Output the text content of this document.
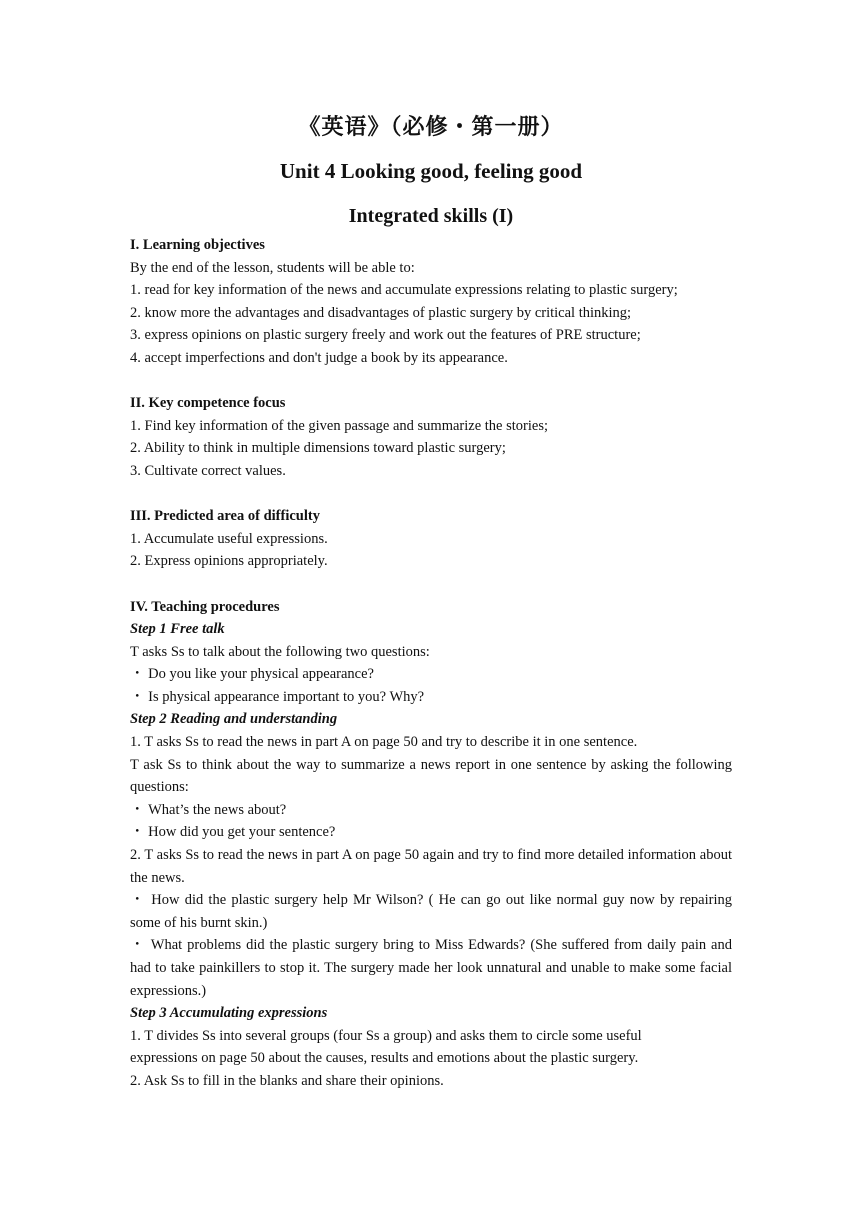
《英语》（必修・第一册）
Unit 4 Looking good, feeling good
Integrated skills (I)

I. Learning objectives

By the end of the lesson, students will be able to:

1. read for key information of the news and accumulate expressions relating to plastic surgery;

2. know more the advantages and disadvantages of plastic surgery by critical thinking;

3. express opinions on plastic surgery freely and work out the features of PRE structure;

4. accept imperfections and don't judge a book by its appearance.

II. Key competence focus

1. Find key information of the given passage and summarize the stories;

2. Ability to think in multiple dimensions toward plastic surgery;

3. Cultivate correct values.

III. Predicted area of difficulty

1. Accumulate useful expressions.

2. Express opinions appropriately.

IV. Teaching procedures

Step 1 Free talk

T asks Ss to talk about the following two questions:

・ Do you like your physical appearance?

・ Is physical appearance important to you? Why?

Step 2 Reading and understanding

1. T asks Ss to read the news in part A on page 50 and try to describe it in one sentence.

T ask Ss to think about the way to summarize a news report in one sentence by asking the following questions:

・ What’s the news about?

・ How did you get your sentence?

2. T asks Ss to read the news in part A on page 50 again and try to find more detailed information about the news.

・ How did the plastic surgery help Mr Wilson? ( He can go out like normal guy now by repairing some of his burnt skin.)

・ What problems did the plastic surgery bring to Miss Edwards? (She suffered from daily pain and had to take painkillers to stop it. The surgery made her look unnatural and unable to make some facial expressions.)

Step 3 Accumulating expressions

1. T divides Ss into several groups (four Ss a group) and asks them to circle some useful

expressions on page 50 about the causes, results and emotions about the plastic surgery.

2. Ask Ss to fill in the blanks and share their opinions.
